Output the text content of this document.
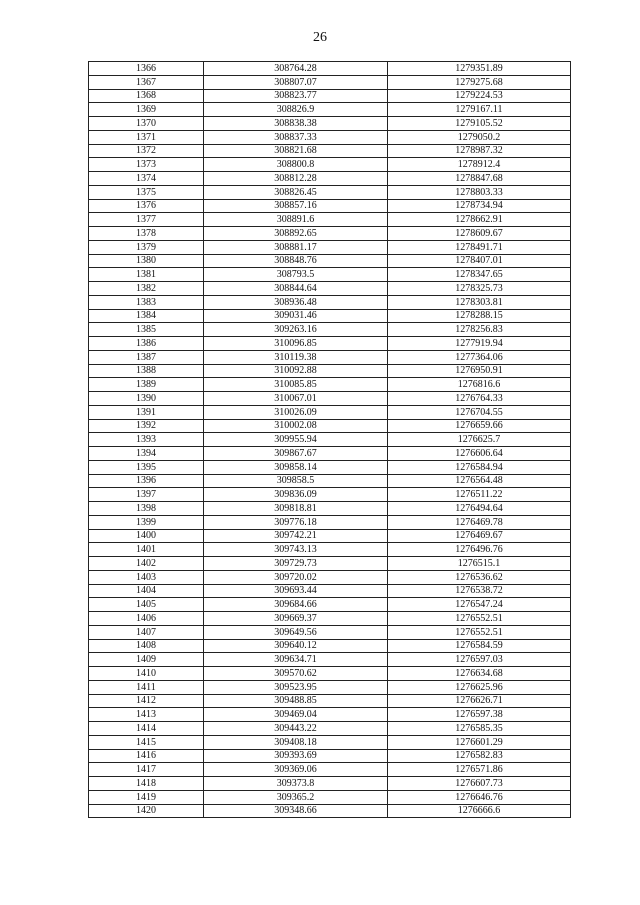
26
1366	308764.28	1279351.89
1367	308807.07	1279275.68
1368	308823.77	1279224.53
1369	308826.9	1279167.11
1370	308838.38	1279105.52
1371	308837.33	1279050.2
1372	308821.68	1278987.32
1373	308800.8	1278912.4
1374	308812.28	1278847.68
1375	308826.45	1278803.33
1376	308857.16	1278734.94
1377	308891.6	1278662.91
1378	308892.65	1278609.67
1379	308881.17	1278491.71
1380	308848.76	1278407.01
1381	308793.5	1278347.65
1382	308844.64	1278325.73
1383	308936.48	1278303.81
1384	309031.46	1278288.15
1385	309263.16	1278256.83
1386	310096.85	1277919.94
1387	310119.38	1277364.06
1388	310092.88	1276950.91
1389	310085.85	1276816.6
1390	310067.01	1276764.33
1391	310026.09	1276704.55
1392	310002.08	1276659.66
1393	309955.94	1276625.7
1394	309867.67	1276606.64
1395	309858.14	1276584.94
1396	309858.5	1276564.48
1397	309836.09	1276511.22
1398	309818.81	1276494.64
1399	309776.18	1276469.78
1400	309742.21	1276469.67
1401	309743.13	1276496.76
1402	309729.73	1276515.1
1403	309720.02	1276536.62
1404	309693.44	1276538.72
1405	309684.66	1276547.24
1406	309669.37	1276552.51
1407	309649.56	1276552.51
1408	309640.12	1276584.59
1409	309634.71	1276597.03
1410	309570.62	1276634.68
1411	309523.95	1276625.96
1412	309488.85	1276626.71
1413	309469.04	1276597.38
1414	309443.22	1276585.35
1415	309408.18	1276601.29
1416	309393.69	1276582.83
1417	309369.06	1276571.86
1418	309373.8	1276607.73
1419	309365.2	1276646.76
1420	309348.66	1276666.6
